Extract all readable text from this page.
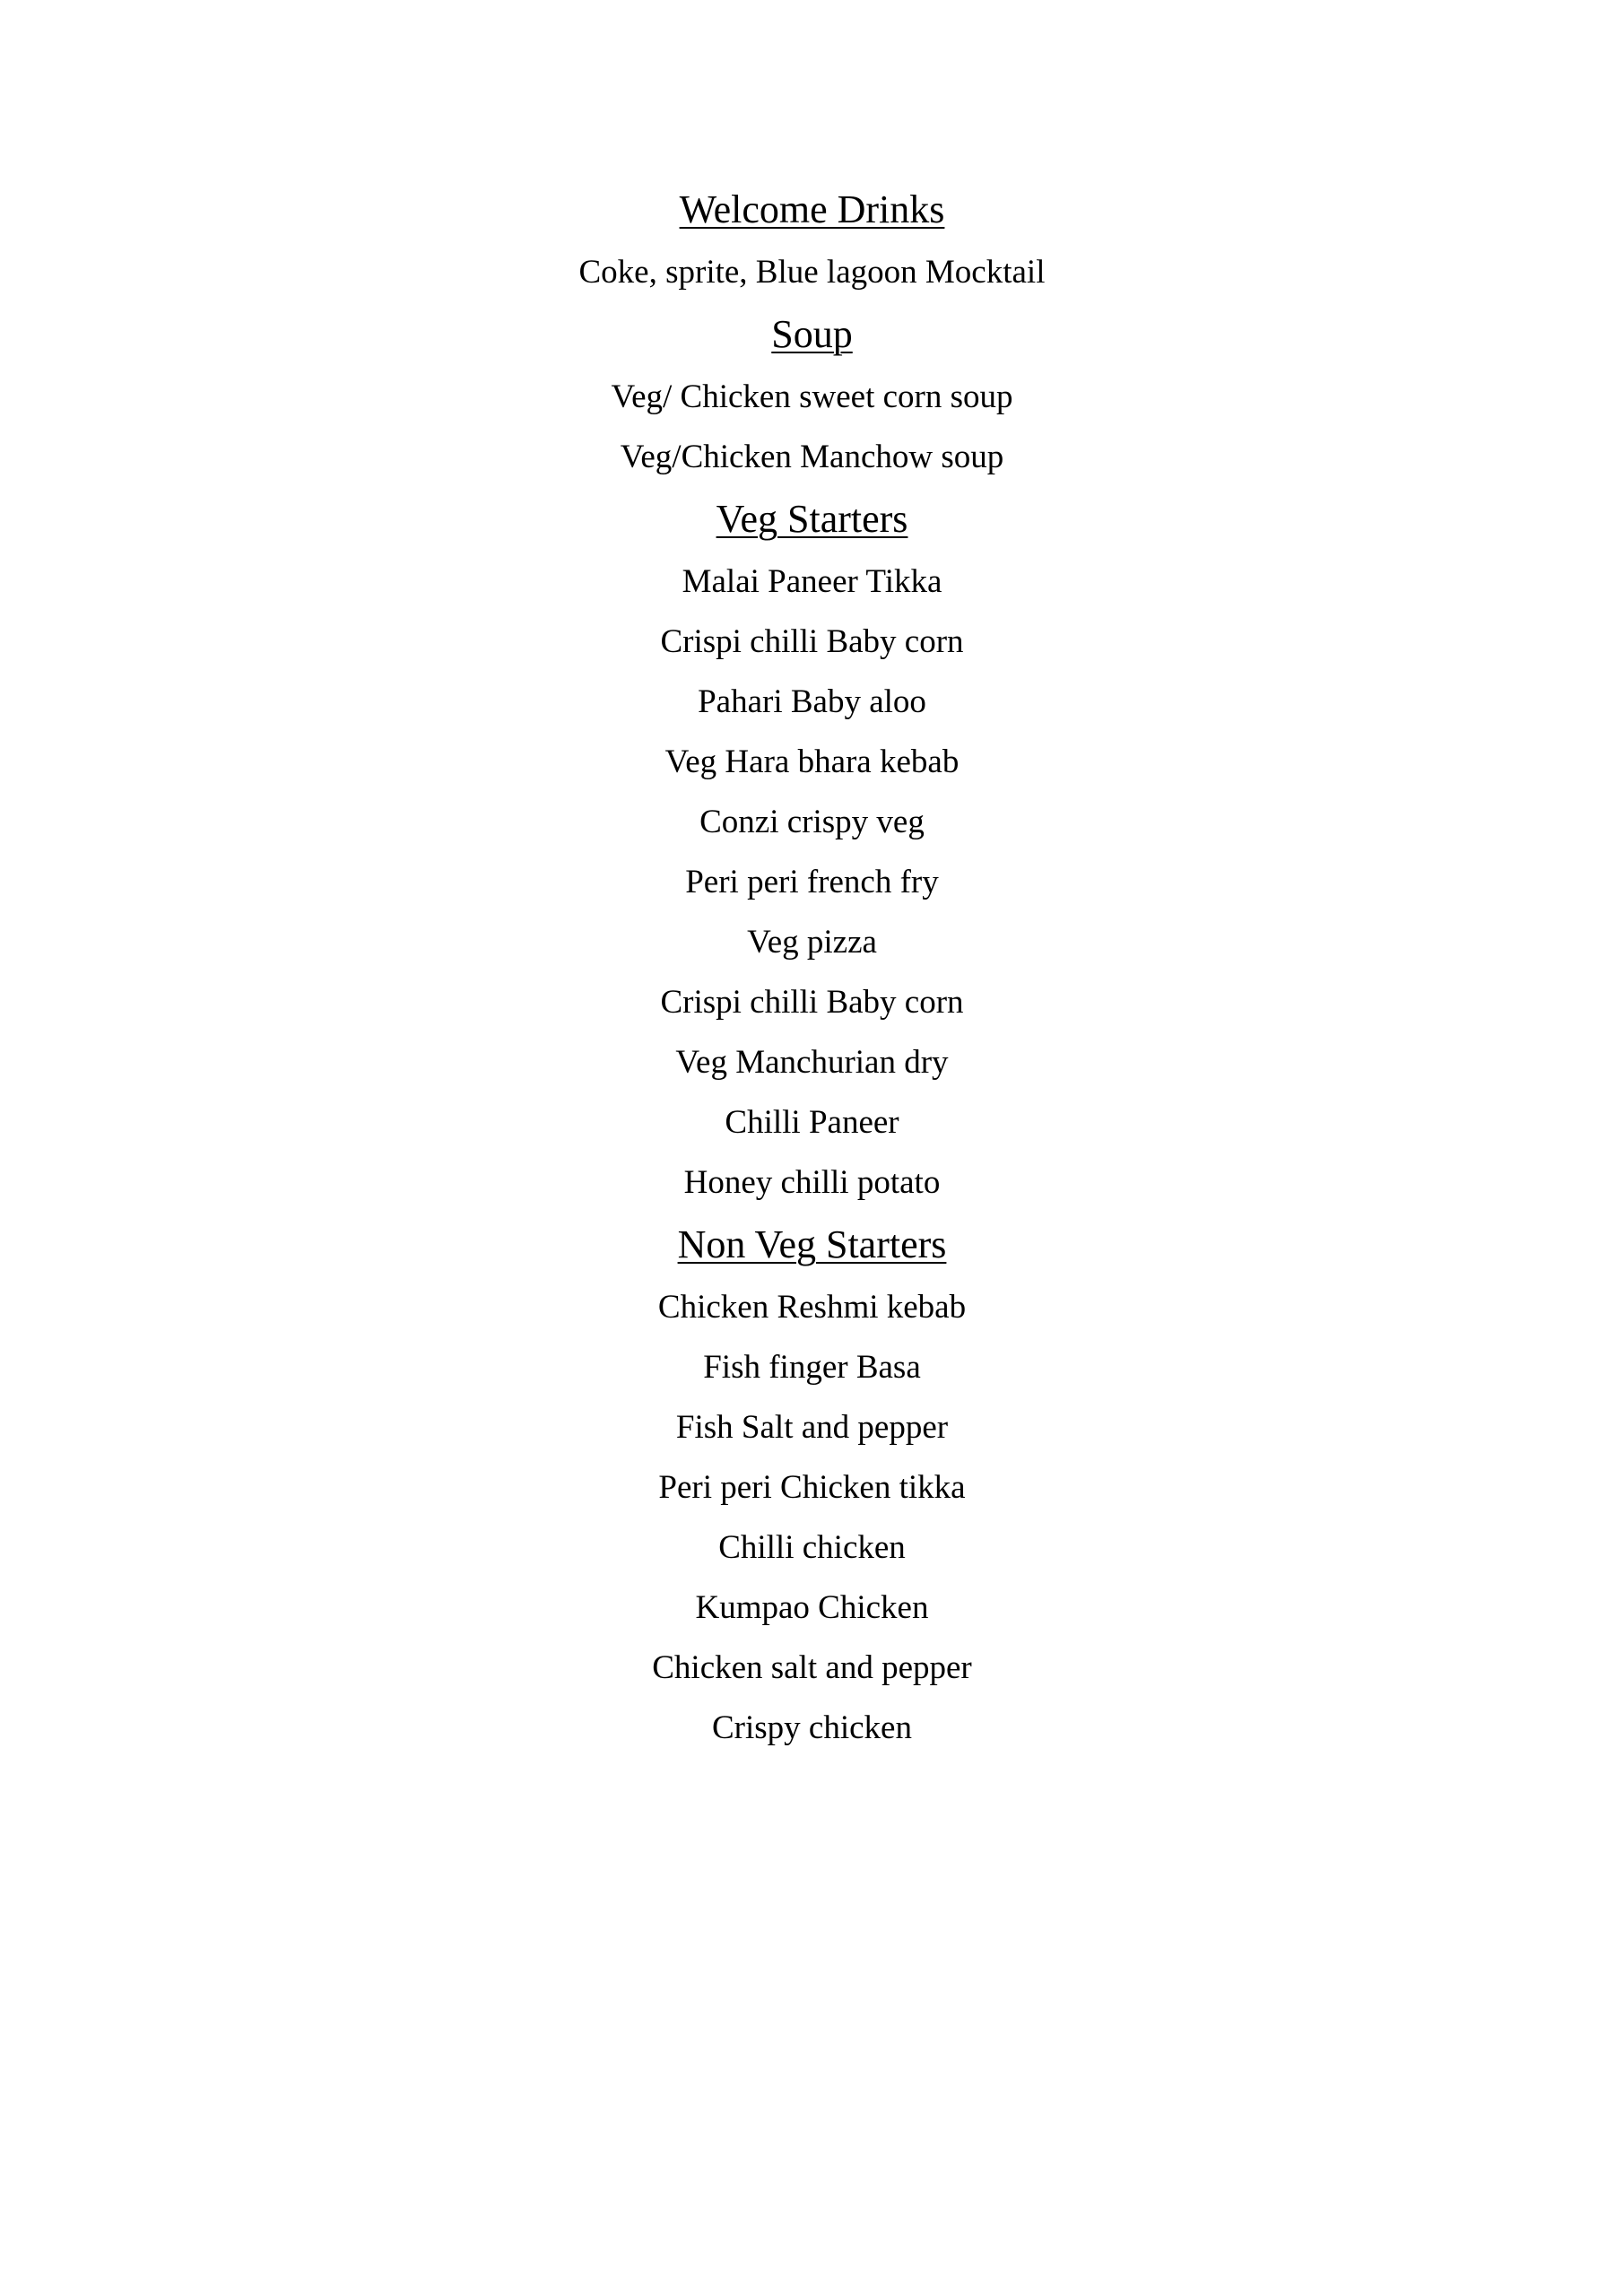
Welcome Drinks
Coke, sprite, Blue lagoon Mocktail
Soup
Veg/ Chicken sweet corn soup
Veg/Chicken Manchow soup
Veg Starters
Malai Paneer Tikka
Crispi chilli Baby corn
Pahari Baby aloo
Veg Hara bhara kebab
Conzi crispy veg
Peri peri french fry
Veg pizza
Crispi chilli Baby corn
Veg Manchurian dry
Chilli Paneer
Honey chilli potato
Non Veg Starters
Chicken Reshmi kebab
Fish finger Basa
Fish Salt and pepper
Peri peri Chicken tikka
Chilli chicken
Kumpao Chicken
Chicken salt and pepper
Crispy chicken
